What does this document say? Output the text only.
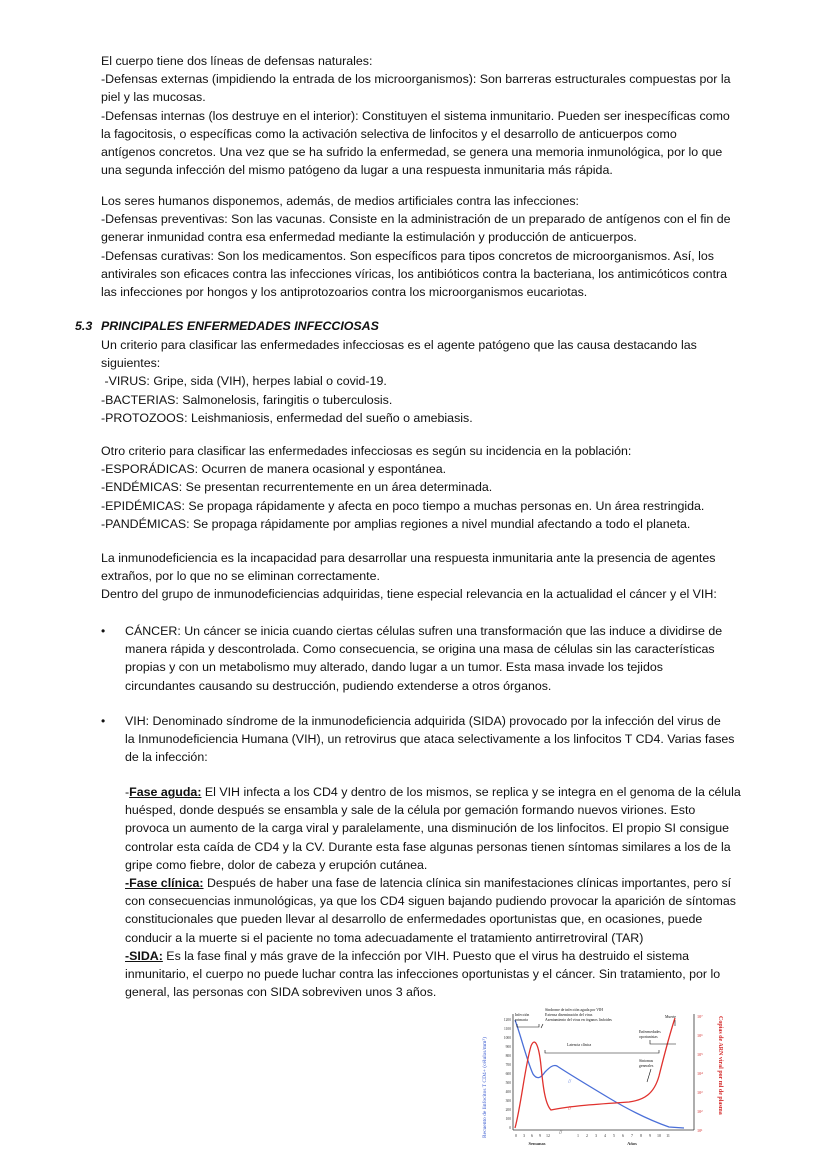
El cuerpo tiene dos líneas de defensas naturales:
-Defensas externas (impidiendo la entrada de los microorganismos): Son barreras estructurales compuestas por la
piel y las mucosas.
-Defensas internas (los destruye en el interior): Constituyen el sistema inmunitario. Pueden ser inespecíficas como
la fagocitosis, o específicas como la activación selectiva de linfocitos y el desarrollo de anticuerpos como
antígenos concretos. Una vez que se ha sufrido la enfermedad, se genera una memoria inmunológica, por lo que
una segunda infección del mismo patógeno da lugar a una respuesta inmunitaria más rápida.
Los seres humanos disponemos, además, de medios artificiales contra las infecciones:
-Defensas preventivas: Son las vacunas. Consiste en la administración de un preparado de antígenos con el fin de
generar inmunidad contra esa enfermedad mediante la estimulación y producción de anticuerpos.
-Defensas curativas: Son los medicamentos. Son específicos para tipos concretos de microorganismos. Así, los
antivirales son eficaces contra las infecciones víricas, los antibióticos contra la bacteriana, los antimicóticos contra
las infecciones por hongos y los antiprotozoarios contra los microorganismos eucariotas.
5.3 PRINCIPALES ENFERMEDADES INFECCIOSAS
Un criterio para clasificar las enfermedades infecciosas es el agente patógeno que las causa destacando las
siguientes:
-VIRUS: Gripe, sida (VIH), herpes labial o covid-19.
-BACTERIAS: Salmonelosis, faringitis o tuberculosis.
-PROTOZOOS: Leishmaniosis, enfermedad del sueño o amebiasis.
Otro criterio para clasificar las enfermedades infecciosas es según su incidencia en la población:
-ESPORÁDICAS: Ocurren de manera ocasional y espontánea.
-ENDÉMICAS: Se presentan recurrentemente en un área determinada.
-EPIDÉMICAS: Se propaga rápidamente y afecta en poco tiempo a muchas personas en. Un área restringida.
-PANDÉMICAS: Se propaga rápidamente por amplias regiones a nivel mundial afectando a todo el planeta.
La inmunodeficiencia es la incapacidad para desarrollar una respuesta inmunitaria ante la presencia de agentes
extraños, por lo que no se eliminan correctamente.
Dentro del grupo de inmunodeficiencias adquiridas, tiene especial relevancia en la actualidad el cáncer y el VIH:
• CÁNCER: Un cáncer se inicia cuando ciertas células sufren una transformación que las induce a dividirse de
manera rápida y descontrolada. Como consecuencia, se origina una masa de células sin las características
propias y con un metabolismo muy alterado, dando lugar a un tumor. Esta masa invade los tejidos
circundantes causando su destrucción, pudiendo extenderse a otros órganos.
• VIH: Denominado síndrome de la inmunodeficiencia adquirida (SIDA) provocado por la infección del virus de
la Inmunodeficiencia Humana (VIH), un retrovirus que ataca selectivamente a los linfocitos T CD4. Varias fases
de la infección:
-Fase aguda: El VIH infecta a los CD4 y dentro de los mismos, se replica y se integra en el genoma de la célula
huésped, donde después se ensambla y sale de la célula por gemación formando nuevos viriones. Esto
provoca un aumento de la carga viral y paralelamente, una disminución de los linfocitos. El propio SI consigue
controlar esta caída de CD4 y la CV. Durante esta fase algunas personas tienen síntomas similares a los de la
gripe como fiebre, dolor de cabeza y erupción cutánea.
-Fase clínica: Después de haber una fase de latencia clínica sin manifestaciones clínicas importantes, pero sí
con consecuencias inmunológicas, ya que los CD4 siguen bajando pudiendo provocar la aparición de síntomas
constitucionales que pueden llevar al desarrollo de enfermedades oportunistas que, en ocasiones, puede
conducir a la muerte si el paciente no toma adecuadamente el tratamiento antirretroviral (TAR)
-SIDA: Es la fase final y más grave de la infección por VIH. Puesto que el virus ha destruido el sistema
inmunitario, el cuerpo no puede luchar contra las infecciones oportunistas y el cáncer. Sin tratamiento, por lo
general, las personas con SIDA sobreviven unos 3 años.
Recuento de linfocitos T CD4+ (células/mm³)	Copias de ARN viral por ml de plasma
1200
1100
1000
900
800
700
600
500
400
300
200
100
0
10⁷
10⁶
10⁵
10⁴
10³
10²
10¹
0 3 6 9 12	1 2 3 4 5 6 7 8 9 10 11
Semanas	Años
//
//
//
Infección
primaria
Síndrome de infección aguda por VIH
Extensa diseminación del virus
Asentamiento del virus en órganos linfoides
Latencia clínica
Muerte
Enfermedades
oportunistas
Síntomas
generales
